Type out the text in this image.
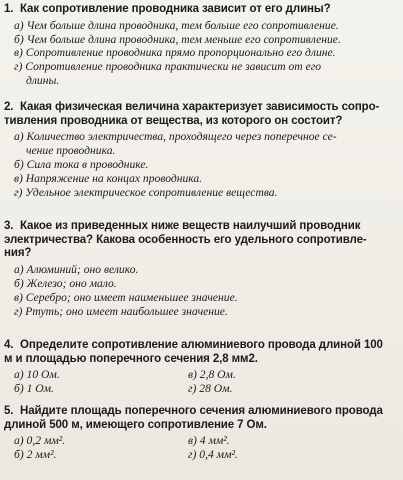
1. Как сопротивление проводника зависит от его длины?

а) Чем больше длина проводника, тем больше его сопротивление.

б) Чем больше длина проводника, тем меньше его сопротивление.

в) Сопротивление проводника прямо пропорционально его длине.

г) Сопротивление проводника практически не зависит от его

длины.

2. Какая физическая величина характеризует зависимость сопро-
тивления проводника от вещества, из которого он состоит?

а) Количество электричества, проходящего через поперечное се-

чение проводника.

б) Сила тока в проводнике.

в) Напряжение на концах проводника.

г) Удельное электрическое сопротивление вещества.

3. Какое из приведенных ниже веществ наилучший проводник
электричества? Какова особенность его удельного сопротивле-
ния?

а) Алюминий; оно велико.

б) Железо; оно мало.

в) Серебро; оно имеет наименьшее значение.

г) Ртуть; оно имеет наибольшее значение.

4. Определите сопротивление алюминиевого провода длиной 100
м и площадью поперечного сечения 2,8 мм2.

а) 10 Ом.	в) 2,8 Ом.

б) 1 Ом.	г) 28 Ом.

5. Найдите площадь поперечного сечения алюминиевого провода
длиной 500 м, имеющего сопротивление 7 Ом.

а) 0,2 мм².	в) 4 мм².

б) 2 мм².	г) 0,4 мм².
